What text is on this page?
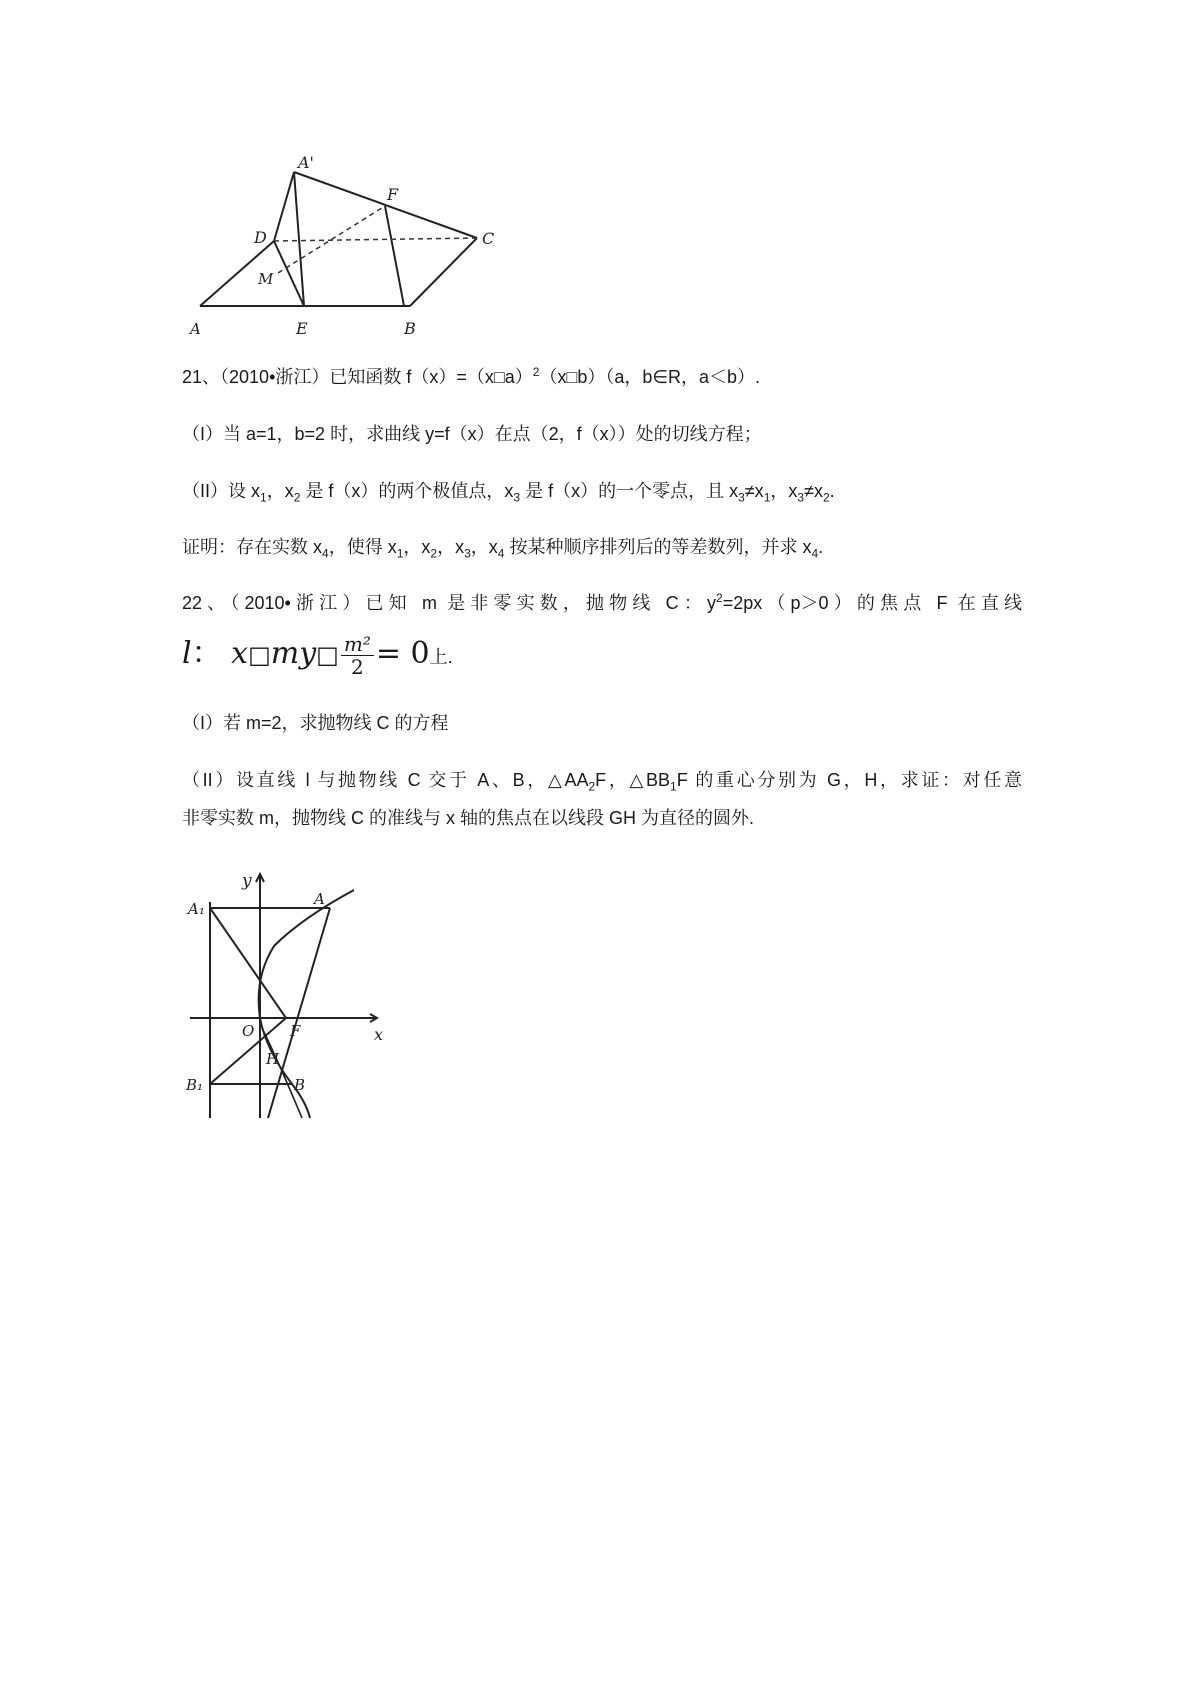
A'
F
D	C
M
A	E	B
21、（2010•浙江）已知函数 f（x）=（x□a）$^2$（x□b）（a，b∈R，a＜b）.
（I）当 a=1，b=2 时，求曲线 y=f（x）在点（2，f（x））处的切线方程；
（II）设 $x_1$，$x_2$ 是 f（x）的两个极值点，$x_3$ 是 f（x）的一个零点，且 $x_3\ne x_1$，$x_3\ne x_2$.
证明：存在实数 $x_4$，使得 $x_1$，$x_2$，$x_3$，$x_4$ 按某种顺序排列后的等差数列，并求 $x_4$.
22、（2010•浙江）已知 m 是非零实数，抛物线 C：$y^2=2px(p>0)$的焦点 F 在直线
l： x□my□ $\frac{\text{m²}}{2} = 0$上.
（I）若 m=2，求抛物线 C 的方程
（II）设直线 l 与抛物线 C 交于 A、B，$\triangle AA_2F$，$\triangle BB_1F$ 的重心分别为 G，H，求证：对任意
非零实数 m，抛物线 C 的准线与 x 轴的焦点在以线段 GH 为直径的圆外.
y
A₁
A
O F	x
H
B₁	B
